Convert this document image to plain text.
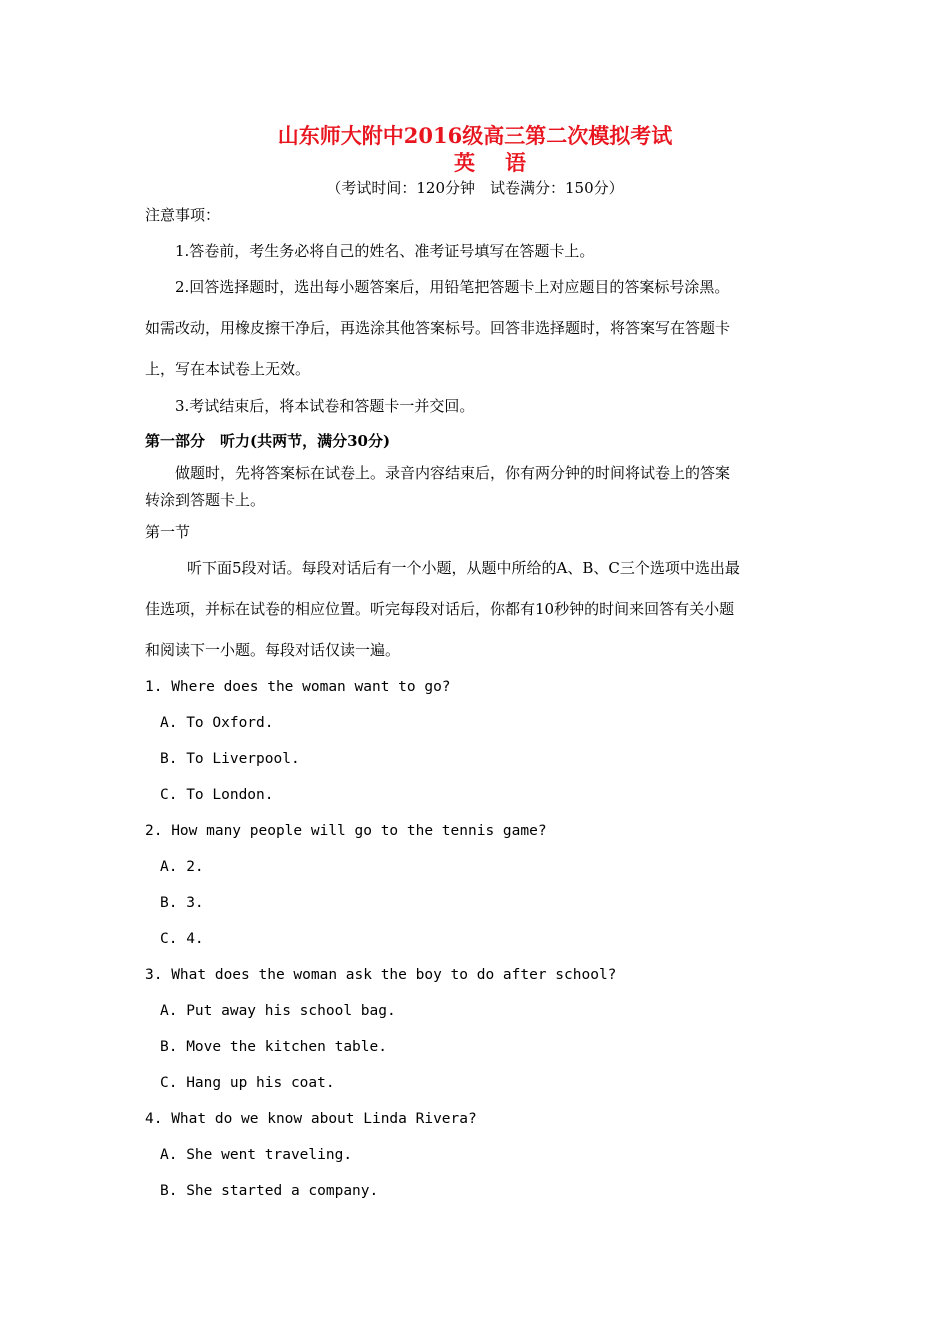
山东师大附中2016级高三第二次模拟考试
英语
（考试时间：120分钟　试卷满分：150分）
注意事项：
1.答卷前，考生务必将自己的姓名、准考证号填写在答题卡上。
2.回答选择题时，选出每小题答案后，用铅笔把答题卡上对应题目的答案标号涂黑。
如需改动，用橡皮擦干净后，再选涂其他答案标号。回答非选择题时，将答案写在答题卡
上，写在本试卷上无效。
3.考试结束后，将本试卷和答题卡一并交回。
第一部分　听力(共两节，满分30分)
做题时，先将答案标在试卷上。录音内容结束后，你有两分钟的时间将试卷上的答案
转涂到答题卡上。
第一节
听下面5段对话。每段对话后有一个小题，从题中所给的A、B、C三个选项中选出最
佳选项，并标在试卷的相应位置。听完每段对话后，你都有10秒钟的时间来回答有关小题
和阅读下一小题。每段对话仅读一遍。
1. Where does the woman want to go?
A. To Oxford.
B. To Liverpool.
C. To London.
2. How many people will go to the tennis game?
A. 2.
B. 3.
C. 4.
3. What does the woman ask the boy to do after school?
A. Put away his school bag.
B. Move the kitchen table.
C. Hang up his coat.
4. What do we know about Linda Rivera?
A. She went traveling.
B. She started a company.
